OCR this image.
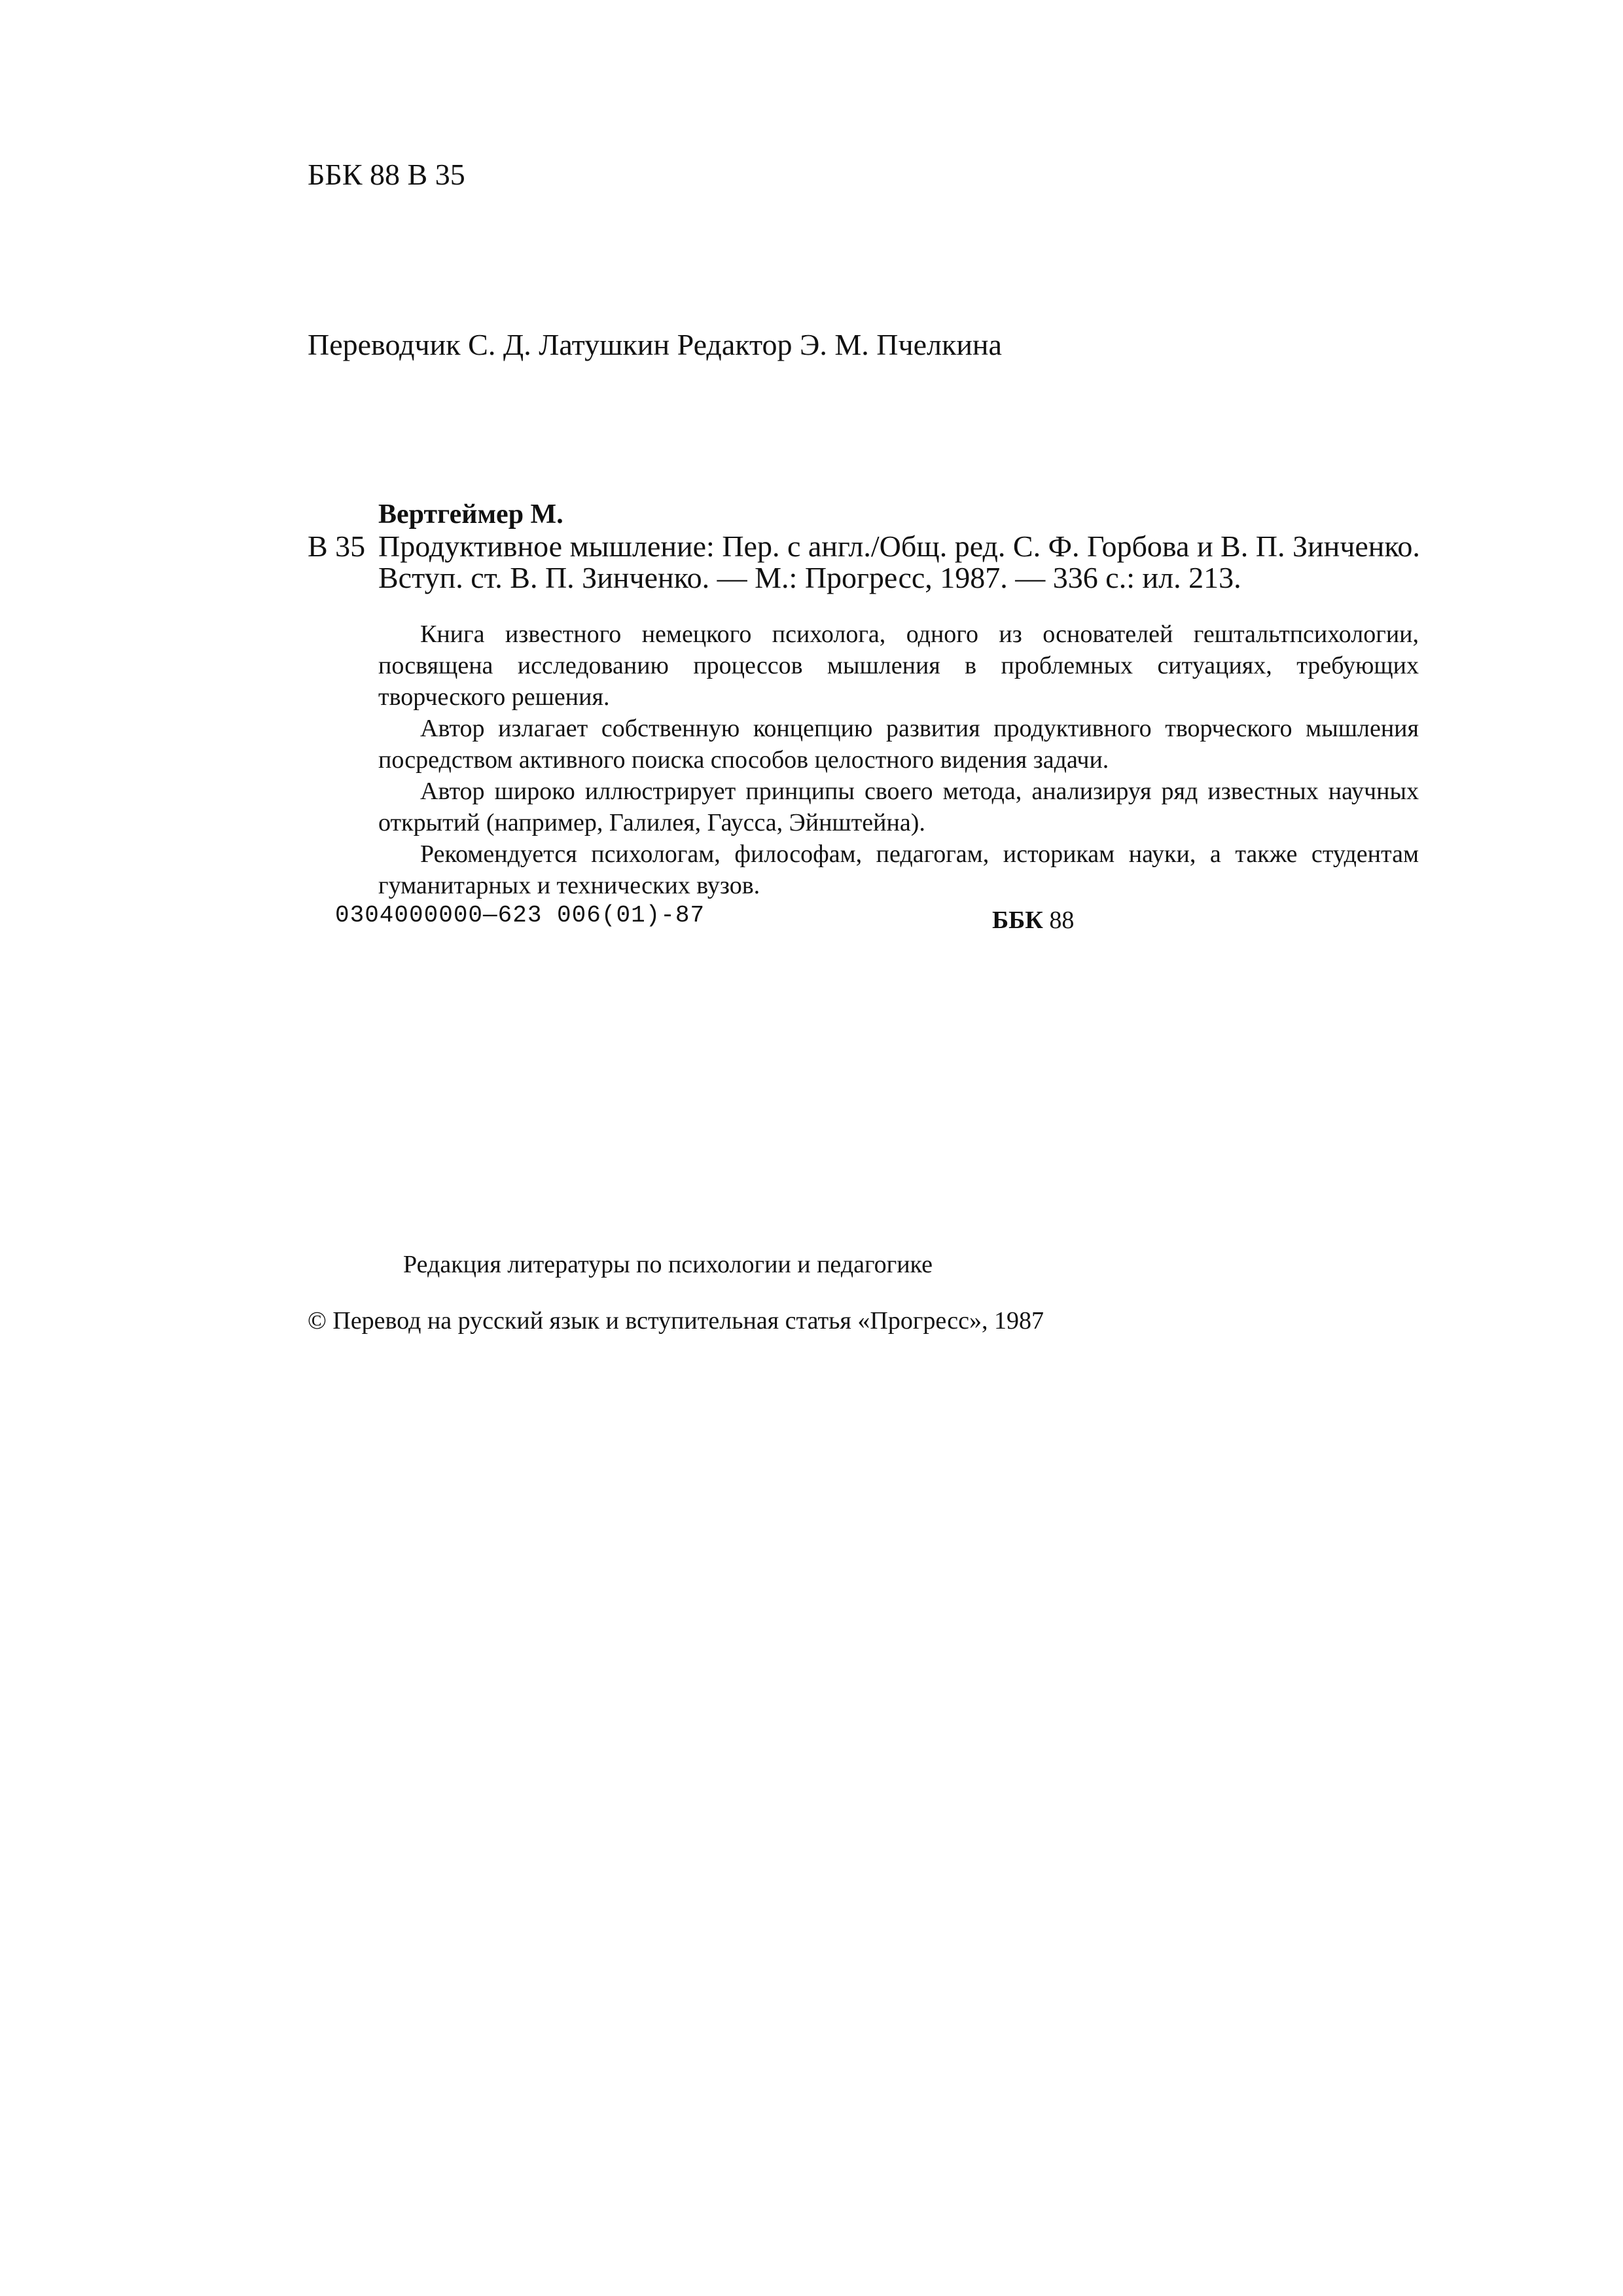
ББК 88 В 35
Переводчик С. Д. Латушкин Редактор Э. М. Пчелкина
Вертгеймер М.
В 35 Продуктивное мышление: Пер. с англ./Общ. ред. С. Ф. Горбова и В. П. Зинченко.
Вступ. ст. В. П. Зинченко. — М.: Прогресс, 1987. — 336 с.: ил. 213.

Книга известного немецкого психолога, одного из основателей гештальтпсихологии, посвящена исследованию процессов мышления в проблемных ситуациях, требующих творческого решения.

Автор излагает собственную концепцию развития продуктивного творческого мышления посредством активного поиска способов целостного видения задачи.

Автор широко иллюстрирует принципы своего метода, анализируя ряд известных научных открытий (например, Галилея, Гаусса, Эйнштейна).

Рекомендуется психологам, философам, педагогам, историкам науки, а также студентам гуманитарных и технических вузов.

0304000000—623 006(01)-87	ББК 88
Редакция литературы по психологии и педагогике
© Перевод на русский язык и вступительная статья «Прогресс», 1987
